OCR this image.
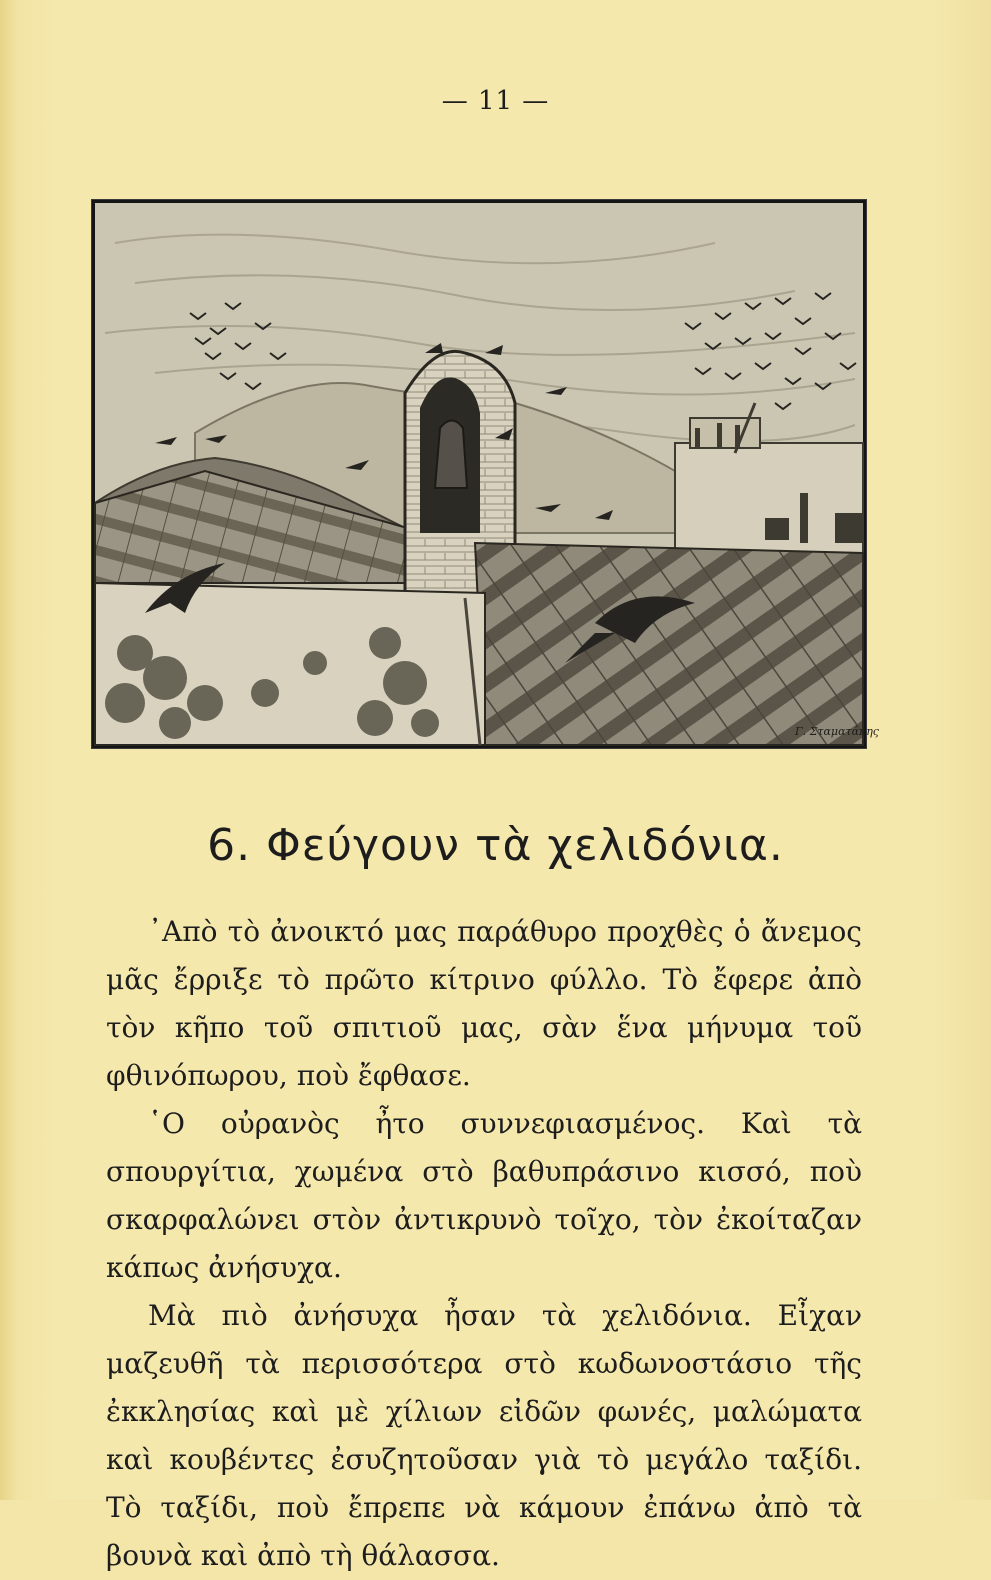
— 11 —
Γ. Σταματάκης
6. Φεύγουν τὰ χελιδόνια.

᾿Απὸ τὸ ἀνοικτό μας παράθυρο προχθὲς ὁ ἄνεμος μᾶς ἔρριξε τὸ πρῶτο κίτρινο φύλλο. Τὸ ἔφερε ἀπὸ τὸν κῆπο τοῦ σπιτιοῦ μας, σὰν ἕνα μήνυμα τοῦ φθινόπωρου, ποὺ ἔφθασε.

῾Ο οὐρανὸς ἦτο συννεφιασμένος. Καὶ τὰ σπουργίτια, χωμένα στὸ βαθυπράσινο κισσό, ποὺ σκαρφαλώνει στὸν ἀντικρυνὸ τοῖχο, τὸν ἐκοίταζαν κάπως ἀνήσυχα.

Μὰ πιὸ ἀνήσυχα ἦσαν τὰ χελιδόνια. Εἶχαν μαζευθῆ τὰ περισσότερα στὸ κωδωνοστάσιο τῆς ἐκκλησίας καὶ μὲ χίλιων εἰδῶν φωνές, μαλώματα καὶ κουβέντες ἐσυζητοῦσαν γιὰ τὸ μεγάλο ταξίδι. Τὸ ταξίδι, ποὺ ἔπρεπε νὰ κάμουν ἐπάνω ἀπὸ τὰ βουνὰ καὶ ἀπὸ τὴ θάλασσα.
